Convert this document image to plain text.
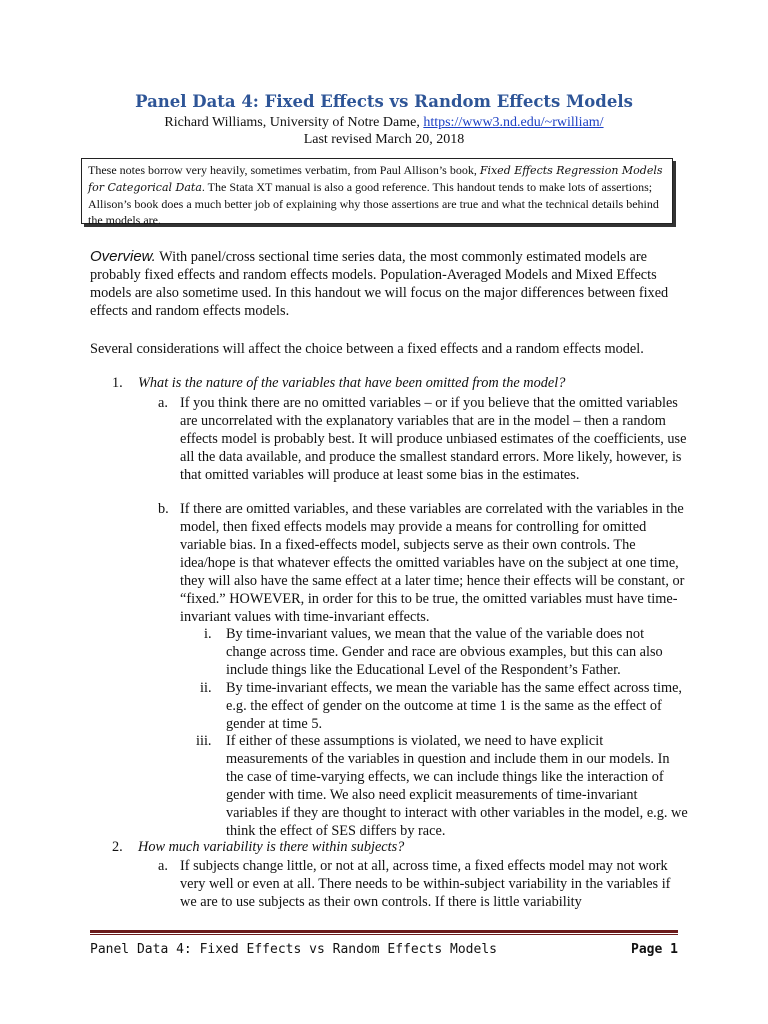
Panel Data 4: Fixed Effects vs Random Effects Models
Richard Williams, University of Notre Dame, https://www3.nd.edu/~rwilliam/
Last revised March 20, 2018
These notes borrow very heavily, sometimes verbatim, from Paul Allison’s book, Fixed Effects Regression Models for Categorical Data. The Stata XT manual is also a good reference. This handout tends to make lots of assertions; Allison’s book does a much better job of explaining why those assertions are true and what the technical details behind the models are.
Overview. With panel/cross sectional time series data, the most commonly estimated models are probably fixed effects and random effects models. Population-Averaged Models and Mixed Effects models are also sometime used. In this handout we will focus on the major differences between fixed effects and random effects models.
Several considerations will affect the choice between a fixed effects and a random effects model.
1. What is the nature of the variables that have been omitted from the model?
a. If you think there are no omitted variables – or if you believe that the omitted variables are uncorrelated with the explanatory variables that are in the model – then a random effects model is probably best. It will produce unbiased estimates of the coefficients, use all the data available, and produce the smallest standard errors. More likely, however, is that omitted variables will produce at least some bias in the estimates.
b. If there are omitted variables, and these variables are correlated with the variables in the model, then fixed effects models may provide a means for controlling for omitted variable bias. In a fixed-effects model, subjects serve as their own controls. The idea/hope is that whatever effects the omitted variables have on the subject at one time, they will also have the same effect at a later time; hence their effects will be constant, or “fixed.” HOWEVER, in order for this to be true, the omitted variables must have time-invariant values with time-invariant effects.
i. By time-invariant values, we mean that the value of the variable does not change across time. Gender and race are obvious examples, but this can also include things like the Educational Level of the Respondent’s Father.
ii. By time-invariant effects, we mean the variable has the same effect across time, e.g. the effect of gender on the outcome at time 1 is the same as the effect of gender at time 5.
iii. If either of these assumptions is violated, we need to have explicit measurements of the variables in question and include them in our models. In the case of time-varying effects, we can include things like the interaction of gender with time. We also need explicit measurements of time-invariant variables if they are thought to interact with other variables in the model, e.g. we think the effect of SES differs by race.
2. How much variability is there within subjects?
a. If subjects change little, or not at all, across time, a fixed effects model may not work very well or even at all. There needs to be within-subject variability in the variables if we are to use subjects as their own controls. If there is little variability
Panel Data 4: Fixed Effects vs Random Effects Models	Page 1
